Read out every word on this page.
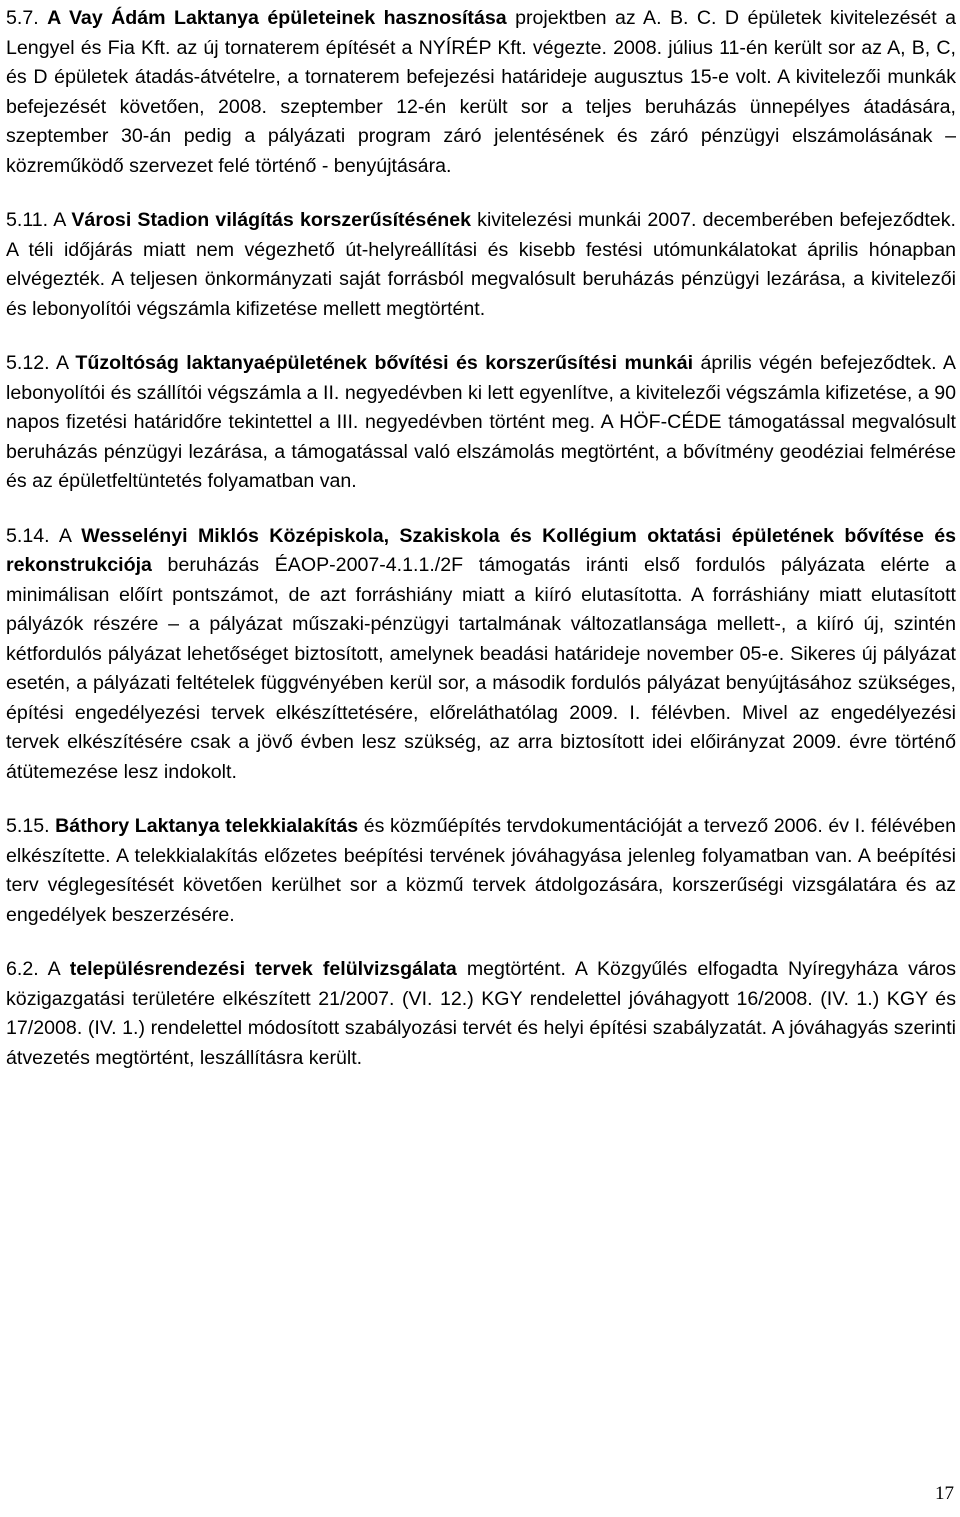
5.7. A Vay Ádám Laktanya épületeinek hasznosítása projektben az A. B. C. D épületek kivitelezését a Lengyel és Fia Kft. az új tornaterem építését a NYÍRÉP Kft. végezte. 2008. július 11-én került sor az A, B, C, és D épületek átadás-átvételre, a tornaterem befejezési határideje augusztus 15-e volt. A kivitelezői munkák befejezését követően, 2008. szeptember 12-én került sor a teljes beruházás ünnepélyes átadására, szeptember 30-án pedig a pályázati program záró jelentésének és záró pénzügyi elszámolásának – közreműködő szervezet felé történő - benyújtására.

5.11. A Városi Stadion világítás korszerűsítésének kivitelezési munkái 2007. decemberében befejeződtek. A téli időjárás miatt nem végezhető út-helyreállítási és kisebb festési utómunkálatokat április hónapban elvégezték. A teljesen önkormányzati saját forrásból megvalósult beruházás pénzügyi lezárása, a kivitelezői és lebonyolítói végszámla kifizetése mellett megtörtént.

5.12. A Tűzoltóság laktanyaépületének bővítési és korszerűsítési munkái április végén befejeződtek. A lebonyolítói és szállítói végszámla a II. negyedévben ki lett egyenlítve, a kivitelezői végszámla kifizetése, a 90 napos fizetési határidőre tekintettel a III. negyedévben történt meg. A HÖF-CÉDE támogatással megvalósult beruházás pénzügyi lezárása, a támogatással való elszámolás megtörtént, a bővítmény geodéziai felmérése és az épületfeltüntetés folyamatban van.

5.14. A Wesselényi Miklós Középiskola, Szakiskola és Kollégium oktatási épületének bővítése és rekonstrukciója beruházás ÉAOP-2007-4.1.1./2F támogatás iránti első fordulós pályázata elérte a minimálisan előírt pontszámot, de azt forráshiány miatt a kiíró elutasította. A forráshiány miatt elutasított pályázók részére – a pályázat műszaki-pénzügyi tartalmának változatlansága mellett-, a kiíró új, szintén kétfordulós pályázat lehetőséget biztosított, amelynek beadási határideje november 05-e. Sikeres új pályázat esetén, a pályázati feltételek függvényében kerül sor, a második fordulós pályázat benyújtásához szükséges, építési engedélyezési tervek elkészíttetésére, előreláthatólag 2009. I. félévben. Mivel az engedélyezési tervek elkészítésére csak a jövő évben lesz szükség, az arra biztosított idei előirányzat 2009. évre történő átütemezése lesz indokolt.

5.15. Báthory Laktanya telekkialakítás és közműépítés tervdokumentációját a tervező 2006. év I. félévében elkészítette. A telekkialakítás előzetes beépítési tervének jóváhagyása jelenleg folyamatban van. A beépítési terv véglegesítését követően kerülhet sor a közmű tervek átdolgozására, korszerűségi vizsgálatára és az engedélyek beszerzésére.

6.2. A településrendezési tervek felülvizsgálata megtörtént. A Közgyűlés elfogadta Nyíregyháza város közigazgatási területére elkészített 21/2007. (VI. 12.) KGY rendelettel jóváhagyott 16/2008. (IV. 1.) KGY és 17/2008. (IV. 1.) rendelettel módosított szabályozási tervét és helyi építési szabályzatát. A jóváhagyás szerinti átvezetés megtörtént, leszállításra került.

17
